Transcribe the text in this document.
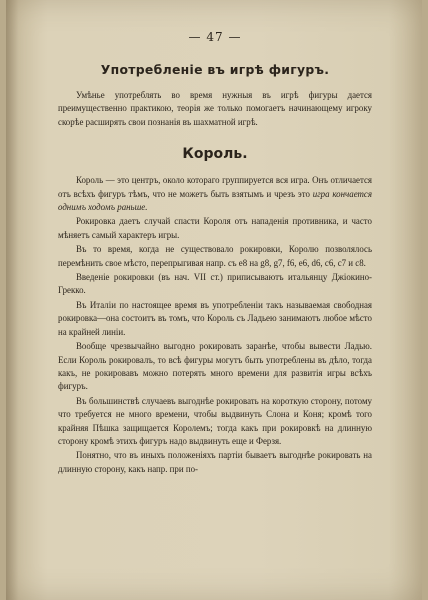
— 47 —
Употребленiе въ игрѣ фигуръ.

Умѣнье употреблять во время нужныя въ игрѣ фигуры дается преимущественно практикою, теорiя же только помогаетъ начинающему игроку скорѣе расширять свои познанiя въ шахматной игрѣ.

Король.

Король — это центръ, около котораго группируется вся игра. Онъ отличается отъ всѣхъ фигуръ тѣмъ, что не можетъ быть взятымъ и чрезъ это игра кончается однимъ ходомъ раньше.

Рокировка даетъ случай спасти Короля отъ нападенiя противника, и часто мѣняетъ самый характеръ игры.

Въ то время, когда не существовало рокировки, Королю позволялось перемѣнить свое мѣсто, перепрыгивая напр. съ е8 на g8, g7, f6, e6, d6, c6, c7 и с8.

Введенiе рокировки (въ нач. VII ст.) приписываютъ итальянцу Джiокино-Грекко.

Въ Италiи по настоящее время въ употребленiи такъ называемая свободная рокировка—она состоитъ въ томъ, что Король съ Ладьею занимаютъ любое мѣсто на крайней линiи.

Вообще чрезвычайно выгодно рокировать заранѣе, чтобы вывести Ладью. Если Король рокировалъ, то всѣ фигуры могутъ быть употреблены въ дѣло, тогда какъ, не рокировавъ можно потерять много времени для развитiя игры всѣхъ фигуръ.

Въ большинствѣ случаевъ выгоднѣе рокировать на короткую сторону, потому что требуется не много времени, чтобы выдвинуть Слона и Коня; кромѣ того крайняя Пѣшка защищается Королемъ; тогда какъ при рокировкѣ на длинную сторону кромѣ этихъ фигуръ надо выдвинуть еще и Ферзя.

Понятно, что въ иныхъ положенiяхъ партiи бываетъ выгоднѣе рокировать на длинную сторону, какъ напр. при по-
